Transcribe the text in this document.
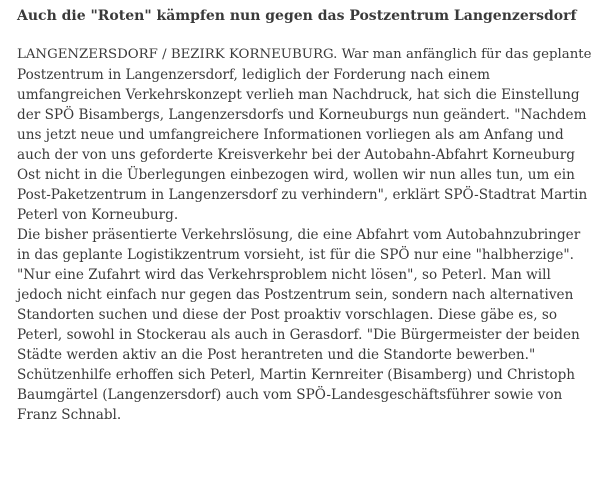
Auch die "Roten" kämpfen nun gegen das Postzentrum Langenzersdorf
LANGENZERSDORF / BEZIRK KORNEUBURG. War man anfänglich für das geplante
Postzentrum in Langenzersdorf, lediglich der Forderung nach einem
umfangreichen Verkehrskonzept verlieh man Nachdruck, hat sich die Einstellung
der SPÖ Bisambergs, Langenzersdorfs und Korneuburgs nun geändert. "Nachdem
uns jetzt neue und umfangreichere Informationen vorliegen als am Anfang und
auch der von uns geforderte Kreisverkehr bei der Autobahn-Abfahrt Korneuburg
Ost nicht in die Überlegungen einbezogen wird, wollen wir nun alles tun, um ein
Post-Paketzentrum in Langenzersdorf zu verhindern", erklärt SPÖ-Stadtrat Martin
Peterl von Korneuburg.
Die bisher präsentierte Verkehrslösung, die eine Abfahrt vom Autobahnzubringer
in das geplante Logistikzentrum vorsieht, ist für die SPÖ nur eine "halbherzige".
"Nur eine Zufahrt wird das Verkehrsproblem nicht lösen", so Peterl. Man will
jedoch nicht einfach nur gegen das Postzentrum sein, sondern nach alternativen
Standorten suchen und diese der Post proaktiv vorschlagen. Diese gäbe es, so
Peterl, sowohl in Stockerau als auch in Gerasdorf. "Die Bürgermeister der beiden
Städte werden aktiv an die Post herantreten und die Standorte bewerben."
Schützenhilfe erhoffen sich Peterl, Martin Kernreiter (Bisamberg) und Christoph
Baumgärtel (Langenzersdorf) auch vom SPÖ-Landesgeschäftsführer sowie von
Franz Schnabl.
